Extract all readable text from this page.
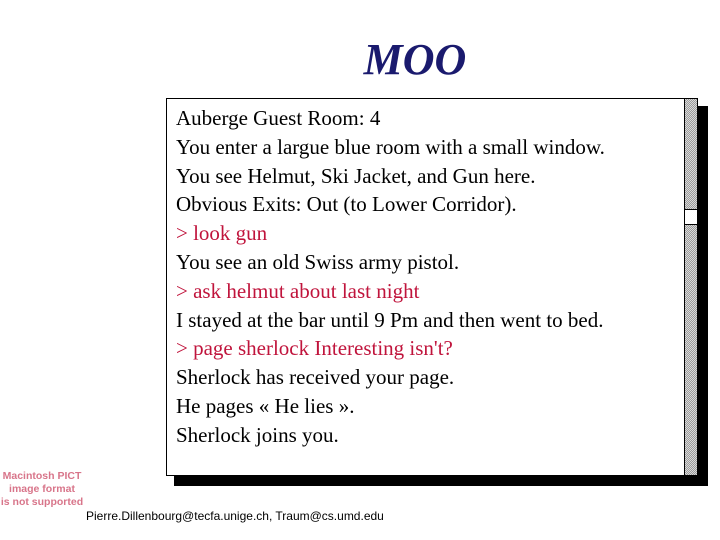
MOO
Auberge Guest Room: 4
You enter a largue blue room with a small window.
You see Helmut, Ski Jacket, and Gun here.
Obvious Exits: Out (to Lower Corridor).
> look gun
You see an old Swiss army pistol.
> ask helmut about last night
I stayed at the bar until 9 Pm and then went to bed.
> page sherlock Interesting isn't?
Sherlock has received your page.
He pages « He lies ».
Sherlock joins you.
Macintosh PICT
image format
is not supported
Pierre.Dillenbourg@tecfa.unige.ch, Traum@cs.umd.edu
